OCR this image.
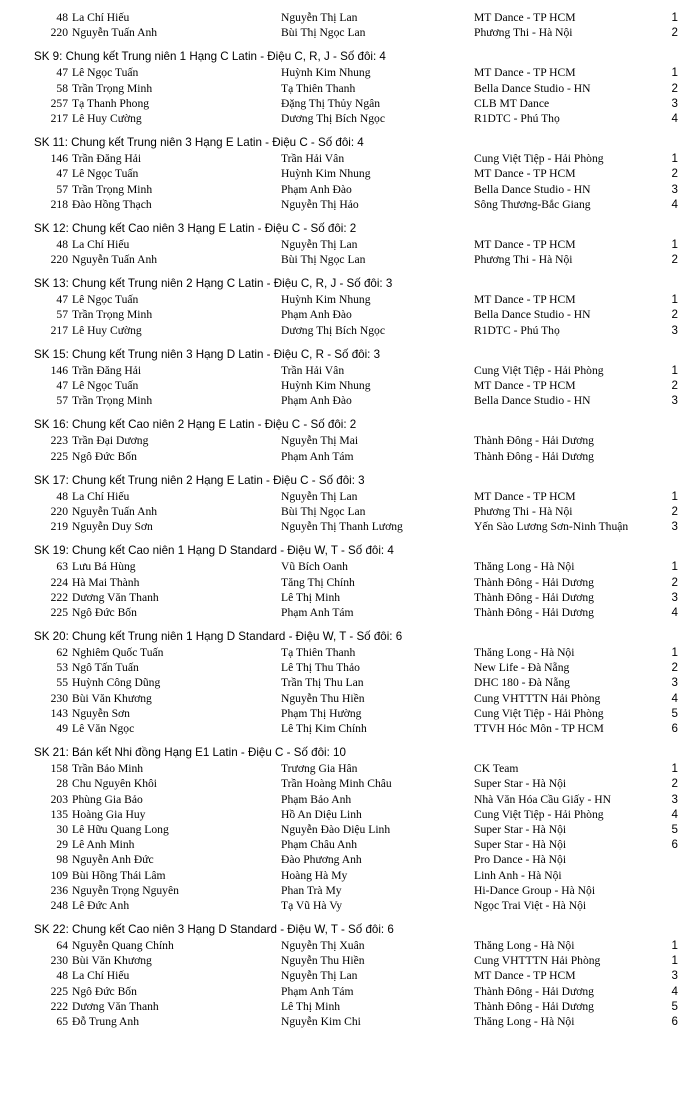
48 La Chí Hiếu	Nguyễn Thị Lan	MT Dance - TP HCM	1
220 Nguyễn Tuấn Anh	Bùi Thị Ngọc Lan	Phương Thi - Hà Nội	2
SK 9: Chung kết Trung niên 1 Hạng C Latin - Điệu C, R, J - Số đôi: 4
47 Lê Ngọc Tuấn	Huỳnh Kim Nhung	MT Dance - TP HCM	1
58 Trần Trọng Minh	Tạ Thiên Thanh	Bella Dance Studio - HN	2
257 Tạ Thanh Phong	Đặng Thị Thủy Ngân	CLB MT Dance	3
217 Lê Huy Cường	Dương Thị Bích Ngọc	R1DTC - Phú Thọ	4
SK 11: Chung kết Trung niên 3 Hạng E Latin - Điệu C - Số đôi: 4
146 Trần Đăng Hải	Trần Hải Vân	Cung Việt Tiệp - Hải Phòng	1
47 Lê Ngọc Tuấn	Huỳnh Kim Nhung	MT Dance - TP HCM	2
57 Trần Trọng Minh	Phạm Anh Đào	Bella Dance Studio - HN	3
218 Đào Hồng Thạch	Nguyễn Thị Hảo	Sông Thương-Bắc Giang	4
SK 12: Chung kết Cao niên 3 Hạng E Latin - Điệu C - Số đôi: 2
48 La Chí Hiếu	Nguyễn Thị Lan	MT Dance - TP HCM	1
220 Nguyễn Tuấn Anh	Bùi Thị Ngọc Lan	Phương Thi - Hà Nội	2
SK 13: Chung kết Trung niên 2 Hạng C Latin - Điệu C, R, J - Số đôi: 3
47 Lê Ngọc Tuấn	Huỳnh Kim Nhung	MT Dance - TP HCM	1
57 Trần Trọng Minh	Phạm Anh Đào	Bella Dance Studio - HN	2
217 Lê Huy Cường	Dương Thị Bích Ngọc	R1DTC - Phú Thọ	3
SK 15: Chung kết Trung niên 3 Hạng D Latin - Điệu C, R - Số đôi: 3
146 Trần Đăng Hải	Trần Hải Vân	Cung Việt Tiệp - Hải Phòng	1
47 Lê Ngọc Tuấn	Huỳnh Kim Nhung	MT Dance - TP HCM	2
57 Trần Trọng Minh	Phạm Anh Đào	Bella Dance Studio - HN	3
SK 16: Chung kết Cao niên 2 Hạng E Latin - Điệu C - Số đôi: 2
223 Trần Đại Dương	Nguyễn Thị Mai	Thành Đông - Hải Dương
225 Ngô Đức Bốn	Phạm Anh Tám	Thành Đông - Hải Dương
SK 17: Chung kết Trung niên 2 Hạng E Latin - Điệu C - Số đôi: 3
48 La Chí Hiếu	Nguyễn Thị Lan	MT Dance - TP HCM	1
220 Nguyễn Tuấn Anh	Bùi Thị Ngọc Lan	Phương Thi - Hà Nội	2
219 Nguyễn Duy Sơn	Nguyễn Thị Thanh Lương	Yến Sào Lương Sơn-Ninh Thuận	3
SK 19: Chung kết Cao niên 1 Hạng D Standard - Điệu W, T - Số đôi: 4
63 Lưu Bá Hùng	Vũ Bích Oanh	Thăng Long - Hà Nội	1
224 Hà Mai Thành	Tăng Thị Chính	Thành Đông - Hải Dương	2
222 Dương Văn Thanh	Lê Thị Minh	Thành Đông - Hải Dương	3
225 Ngô Đức Bốn	Phạm Anh Tám	Thành Đông - Hải Dương	4
SK 20: Chung kết Trung niên 1 Hạng D Standard - Điệu W, T - Số đôi: 6
62 Nghiêm Quốc Tuấn	Tạ Thiên Thanh	Thăng Long - Hà Nội	1
53 Ngô Tấn Tuấn	Lê Thị Thu Thảo	New Life - Đà Nẵng	2
55 Huỳnh Công Dũng	Trần Thị Thu Lan	DHC 180 - Đà Nẵng	3
230 Bùi Văn Khương	Nguyễn Thu Hiền	Cung VHTTTN Hải Phòng	4
143 Nguyễn Sơn	Phạm Thị Hường	Cung Việt Tiệp - Hải Phòng	5
49 Lê Văn Ngọc	Lê Thị Kim Chính	TTVH Hóc Môn - TP HCM	6
SK 21: Bán kết Nhi đồng Hạng E1 Latin - Điệu C - Số đôi: 10
158 Trần Bảo Minh	Trương Gia Hân	CK Team	1
28 Chu Nguyên Khôi	Trần Hoàng Minh Châu	Super Star - Hà Nội	2
203 Phùng Gia Bảo	Phạm Bảo Anh	Nhà Văn Hóa Cầu Giấy - HN	3
135 Hoàng Gia Huy	Hồ An Diệu Linh	Cung Việt Tiệp - Hải Phòng	4
30 Lê Hữu Quang Long	Nguyễn Đào Diệu Linh	Super Star - Hà Nội	5
29 Lê Anh Minh	Phạm Châu Anh	Super Star - Hà Nội	6
98 Nguyễn Anh Đức	Đào Phương Anh	Pro Dance - Hà Nội
109 Bùi Hồng Thái Lâm	Hoàng Hà My	Linh Anh - Hà Nội
236 Nguyễn Trọng Nguyên	Phan Trà My	Hi-Dance Group - Hà Nội
248 Lê Đức Anh	Tạ Vũ Hà Vy	Ngọc Trai Việt - Hà Nội
SK 22: Chung kết Cao niên 3 Hạng D Standard - Điệu W, T - Số đôi: 6
64 Nguyễn Quang Chính	Nguyễn Thị Xuân	Thăng Long - Hà Nội	1
230 Bùi Văn Khương	Nguyễn Thu Hiền	Cung VHTTTN Hải Phòng	1
48 La Chí Hiếu	Nguyễn Thị Lan	MT Dance - TP HCM	3
225 Ngô Đức Bốn	Phạm Anh Tám	Thành Đông - Hải Dương	4
222 Dương Văn Thanh	Lê Thị Minh	Thành Đông - Hải Dương	5
65 Đỗ Trung Anh	Nguyễn Kim Chi	Thăng Long - Hà Nội	6
